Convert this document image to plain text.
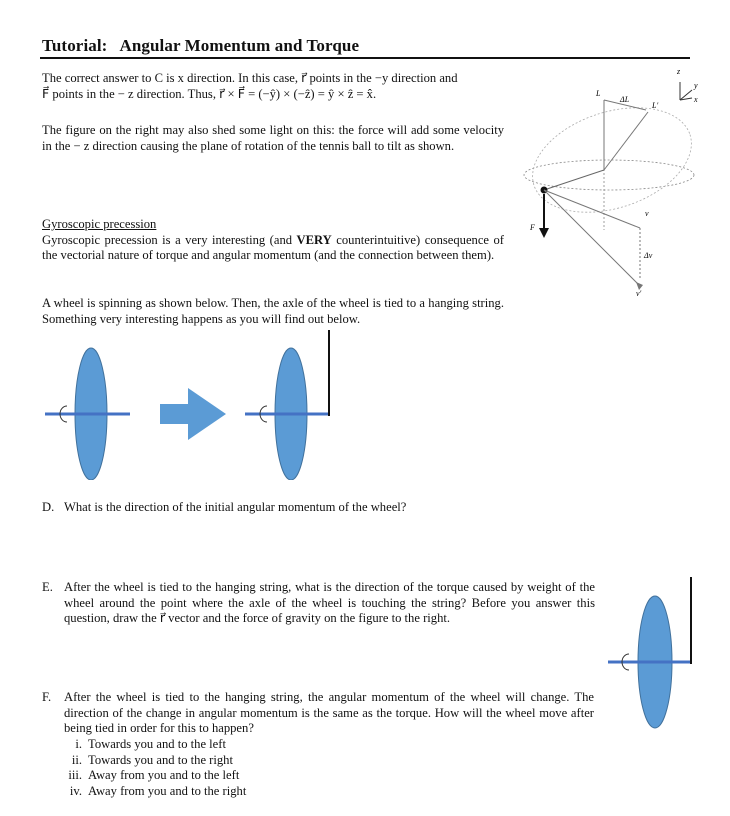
Tutorial: Angular Momentum and Torque
The correct answer to C is x direction. In this case, r⃗ points in the −y direction and
F⃗ points in the − z direction. Thus, r⃗ × F⃗ = (−ŷ) × (−ẑ) = ŷ × ẑ = x̂.
The figure on the right may also shed some light on this: the force will add some velocity in the − z direction causing the plane of rotation of the tennis ball to tilt as shown.
Gyroscopic precession
Gyroscopic precession is a very interesting (and VERY counterintuitive) consequence of the vectorial nature of torque and angular momentum (and the connection between them).
A wheel is spinning as shown below. Then, the axle of the wheel is tied to a hanging string. Something very interesting happens as you will find out below.
z
y
x
L
ΔL
L′
F
v
Δv
v′
D. What is the direction of the initial angular momentum of the wheel?
E. After the wheel is tied to the hanging string, what is the direction of the torque caused by weight of the wheel around the point where the axle of the wheel is touching the string? Before you answer this question, draw the r⃗ vector and the force of gravity on the figure to the right.
F. After the wheel is tied to the hanging string, the angular momentum of the wheel will change. The direction of the change in angular momentum is the same as the torque. How will the wheel move after being tied in order for this to happen?
i. Towards you and to the left
ii. Towards you and to the right
iii. Away from you and to the left
iv. Away from you and to the right
